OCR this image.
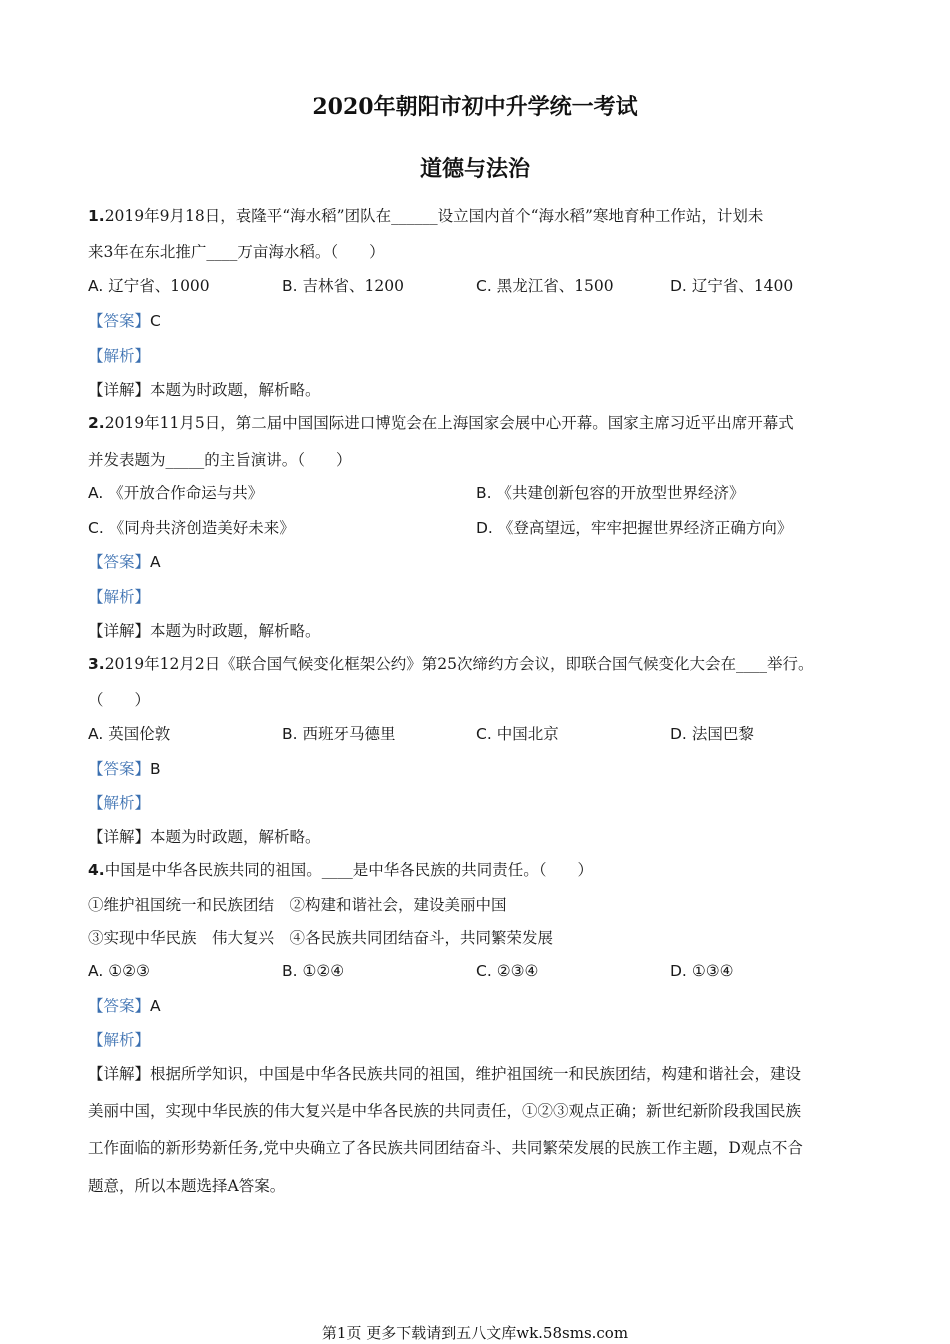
2020年朝阳市初中升学统一考试
道德与法治
1.2019年9月18日，袁隆平“海水稻”团队在______设立国内首个“海水稻”寒地育种工作站，计划未
来3年在东北推广____万亩海水稻。（　　）
A. 辽宁省、1000	B. 吉林省、1200	C. 黑龙江省、1500	D. 辽宁省、1400
【答案】C
【解析】
【详解】本题为时政题，解析略。
2.2019年11月5日，第二届中国国际进口博览会在上海国家会展中心开幕。国家主席习近平出席开幕式
并发表题为_____的主旨演讲。（　　）
A. 《开放合作命运与共》	B. 《共建创新包容的开放型世界经济》
C. 《同舟共济创造美好未来》	D. 《登高望远，牢牢把握世界经济正确方向》
【答案】A
【解析】
【详解】本题为时政题，解析略。
3.2019年12月2日《联合国气候变化框架公约》第25次缔约方会议，即联合国气候变化大会在____举行。
（　　）
A. 英国伦敦	B. 西班牙马德里	C. 中国北京	D. 法国巴黎
【答案】B
【解析】
【详解】本题为时政题，解析略。
4.中国是中华各民族共同的祖国。____是中华各民族的共同责任。（　　）
①维护祖国统一和民族团结　②构建和谐社会，建设美丽中国
③实现中华民族　伟大复兴　④各民族共同团结奋斗，共同繁荣发展
A. ①②③	B. ①②④	C. ②③④	D. ①③④
【答案】A
【解析】
【详解】根据所学知识，中国是中华各民族共同的祖国，维护祖国统一和民族团结，构建和谐社会，建设
美丽中国，实现中华民族的伟大复兴是中华各民族的共同责任，①②③观点正确；新世纪新阶段我国民族
工作面临的新形势新任务,党中央确立了各民族共同团结奋斗、共同繁荣发展的民族工作主题，D观点不合
题意，所以本题选择A答案。
第1页 更多下载请到五八文库wk.58sms.com
